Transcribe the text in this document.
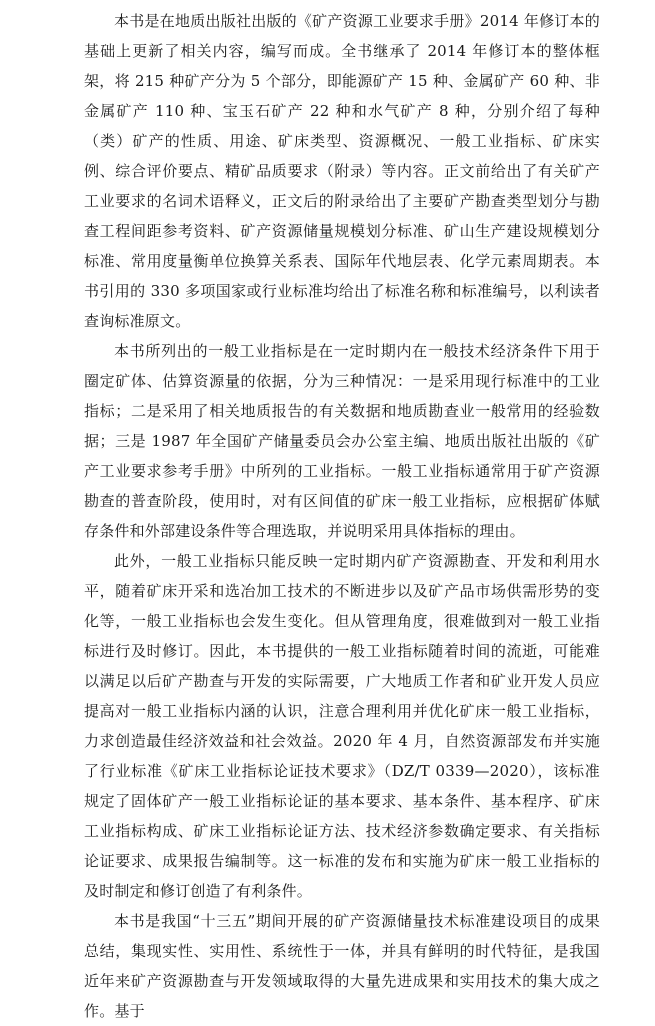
本书是在地质出版社出版的《矿产资源工业要求手册》2014 年修订本的基础上更新了相关内容，编写而成。全书继承了 2014 年修订本的整体框架，将 215 种矿产分为 5 个部分，即能源矿产 15 种、金属矿产 60 种、非金属矿产 110 种、宝玉石矿产 22 种和水气矿产 8 种，分别介绍了每种（类）矿产的性质、用途、矿床类型、资源概况、一般工业指标、矿床实例、综合评价要点、精矿品质要求（附录）等内容。正文前给出了有关矿产工业要求的名词术语释义，正文后的附录给出了主要矿产勘查类型划分与勘查工程间距参考资料、矿产资源储量规模划分标准、矿山生产建设规模划分标准、常用度量衡单位换算关系表、国际年代地层表、化学元素周期表。本书引用的 330 多项国家或行业标准均给出了标准名称和标准编号，以利读者查询标准原文。

本书所列出的一般工业指标是在一定时期内在一般技术经济条件下用于圈定矿体、估算资源量的依据，分为三种情况：一是采用现行标准中的工业指标；二是采用了相关地质报告的有关数据和地质勘查业一般常用的经验数据；三是 1987 年全国矿产储量委员会办公室主编、地质出版社出版的《矿产工业要求参考手册》中所列的工业指标。一般工业指标通常用于矿产资源勘查的普查阶段，使用时，对有区间值的矿床一般工业指标，应根据矿体赋存条件和外部建设条件等合理选取，并说明采用具体指标的理由。

此外，一般工业指标只能反映一定时期内矿产资源勘查、开发和利用水平，随着矿床开采和选冶加工技术的不断进步以及矿产品市场供需形势的变化等，一般工业指标也会发生变化。但从管理角度，很难做到对一般工业指标进行及时修订。因此，本书提供的一般工业指标随着时间的流逝，可能难以满足以后矿产勘查与开发的实际需要，广大地质工作者和矿业开发人员应提高对一般工业指标内涵的认识，注意合理利用并优化矿床一般工业指标，力求创造最佳经济效益和社会效益。2020 年 4 月，自然资源部发布并实施了行业标准《矿床工业指标论证技术要求》（DZ/T 0339—2020），该标准规定了固体矿产一般工业指标论证的基本要求、基本条件、基本程序、矿床工业指标构成、矿床工业指标论证方法、技术经济参数确定要求、有关指标论证要求、成果报告编制等。这一标准的发布和实施为矿床一般工业指标的及时制定和修订创造了有利条件。

本书是我国“十三五”期间开展的矿产资源储量技术标准建设项目的成果总结，集现实性、实用性、系统性于一体，并具有鲜明的时代特征，是我国近年来矿产资源勘查与开发领域取得的大量先进成果和实用技术的集大成之作。基于
